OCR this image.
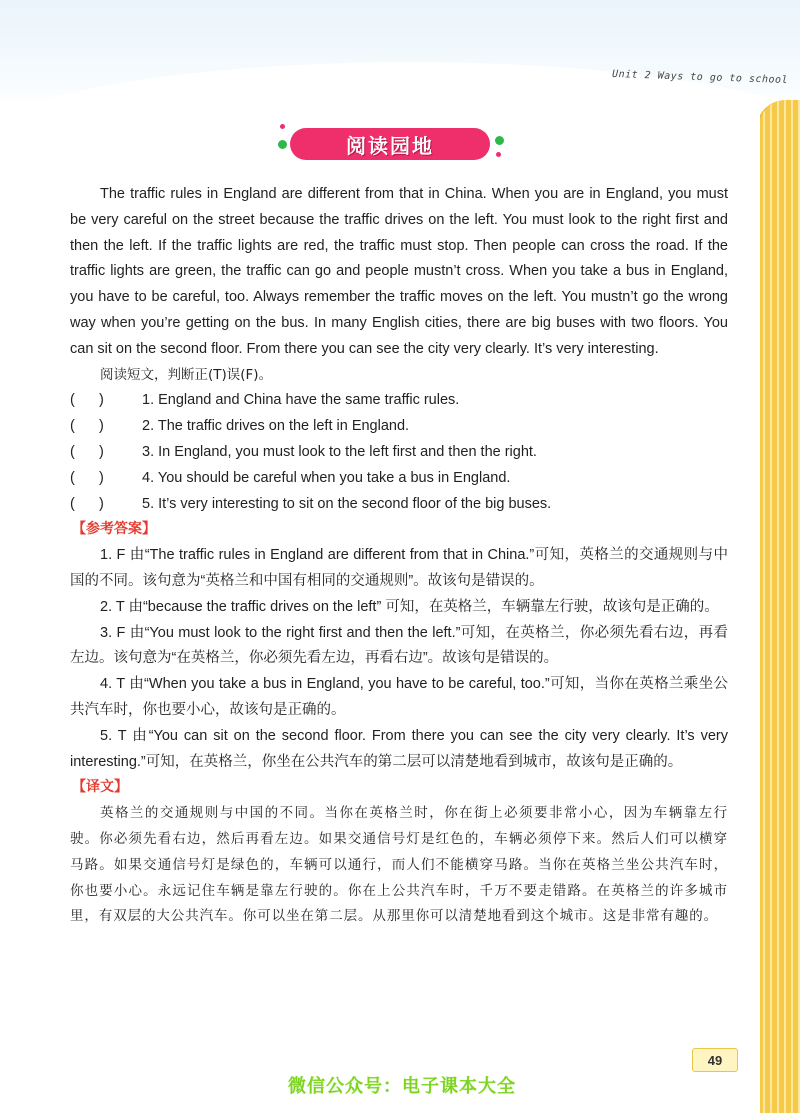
Unit 2 Ways to go to school
阅读园地

The traffic rules in England are different from that in China. When you are in England, you must be very careful on the street because the traffic drives on the left. You must look to the right first and then the left. If the traffic lights are red, the traffic must stop. Then people can cross the road. If the traffic lights are green, the traffic can go and people mustn’t cross. When you take a bus in England, you have to be careful, too. Always remember the traffic moves on the left. You mustn’t go the wrong way when you’re getting on the bus. In many English cities, there are big buses with two floors. You can sit on the second floor. From there you can see the city very clearly. It’s very interesting.

阅读短文，判断正(T)误(F)。

(      )	1. England and China have the same traffic rules.
(      )	2. The traffic drives on the left in England.
(      )	3. In England, you must look to the left first and then the right.
(      )	4. You should be careful when you take a bus in England.
(      )	5. It’s very interesting to sit on the second floor of the big buses.

【参考答案】

1. F 由“The traffic rules in England are different from that in China.”可知，英格兰的交通规则与中国的不同。该句意为“英格兰和中国有相同的交通规则”。故该句是错误的。

2. T 由“because the traffic drives on the left” 可知，在英格兰，车辆靠左行驶，故该句是正确的。

3. F 由“You must look to the right first and then the left.”可知，在英格兰，你必须先看右边，再看左边。该句意为“在英格兰，你必须先看左边，再看右边”。故该句是错误的。

4. T 由“When you take a bus in England, you have to be careful, too.”可知，当你在英格兰乘坐公共汽车时，你也要小心，故该句是正确的。

5. T 由“You can sit on the second floor. From there you can see the city very clearly. It’s very interesting.”可知，在英格兰，你坐在公共汽车的第二层可以清楚地看到城市，故该句是正确的。

【译文】

英格兰的交通规则与中国的不同。当你在英格兰时，你在街上必须要非常小心，因为车辆靠左行驶。你必须先看右边，然后再看左边。如果交通信号灯是红色的，车辆必须停下来。然后人们可以横穿马路。如果交通信号灯是绿色的，车辆可以通行，而人们不能横穿马路。当你在英格兰坐公共汽车时，你也要小心。永远记住车辆是靠左行驶的。你在上公共汽车时，千万不要走错路。在英格兰的许多城市里，有双层的大公共汽车。你可以坐在第二层。从那里你可以清楚地看到这个城市。这是非常有趣的。

49
微信公众号：电子课本大全
